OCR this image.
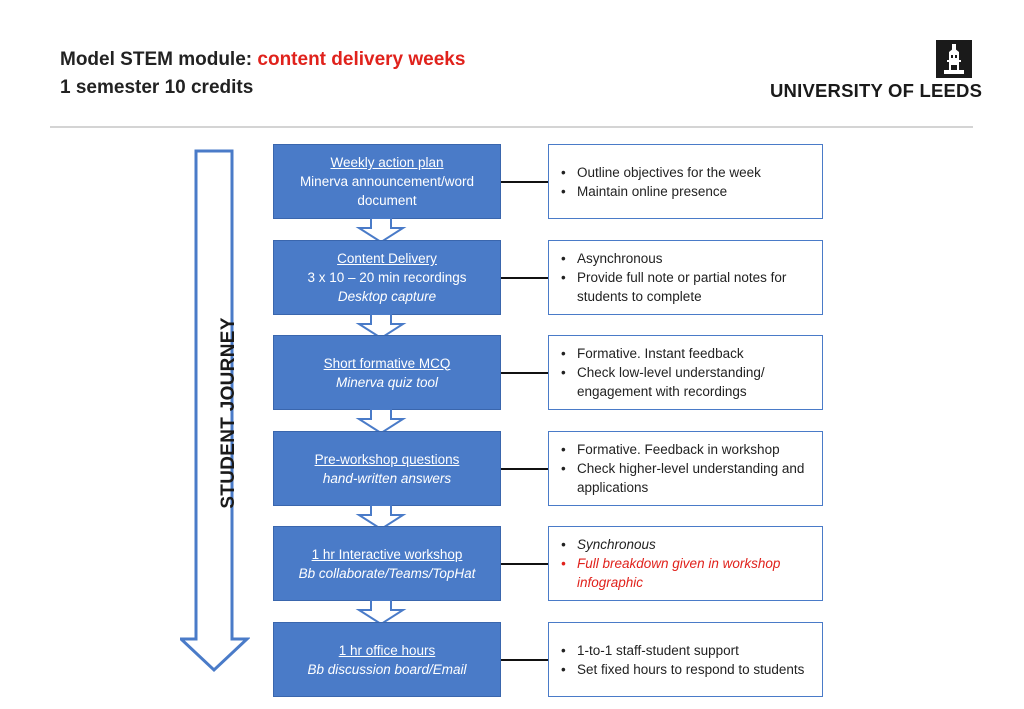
Model STEM module: content delivery weeks
1 semester 10 credits	UNIVERSITY OF LEEDS
STUDENT JOURNEY
Weekly action plan
Minerva announcement/word document
• Outline objectives for the week
• Maintain online presence
Content Delivery
3 x 10 – 20 min recordings
Desktop capture
• Asynchronous
• Provide full note or partial notes for students to complete
Short formative MCQ
Minerva quiz tool
• Formative. Instant feedback
• Check low-level understanding/ engagement with recordings
Pre-workshop questions
hand-written answers
• Formative. Feedback in workshop
• Check higher-level understanding and applications
1 hr Interactive workshop
Bb collaborate/Teams/TopHat
• Synchronous
• Full breakdown given in workshop infographic
1 hr office hours
Bb discussion board/Email
• 1-to-1 staff-student support
• Set fixed hours to respond to students
